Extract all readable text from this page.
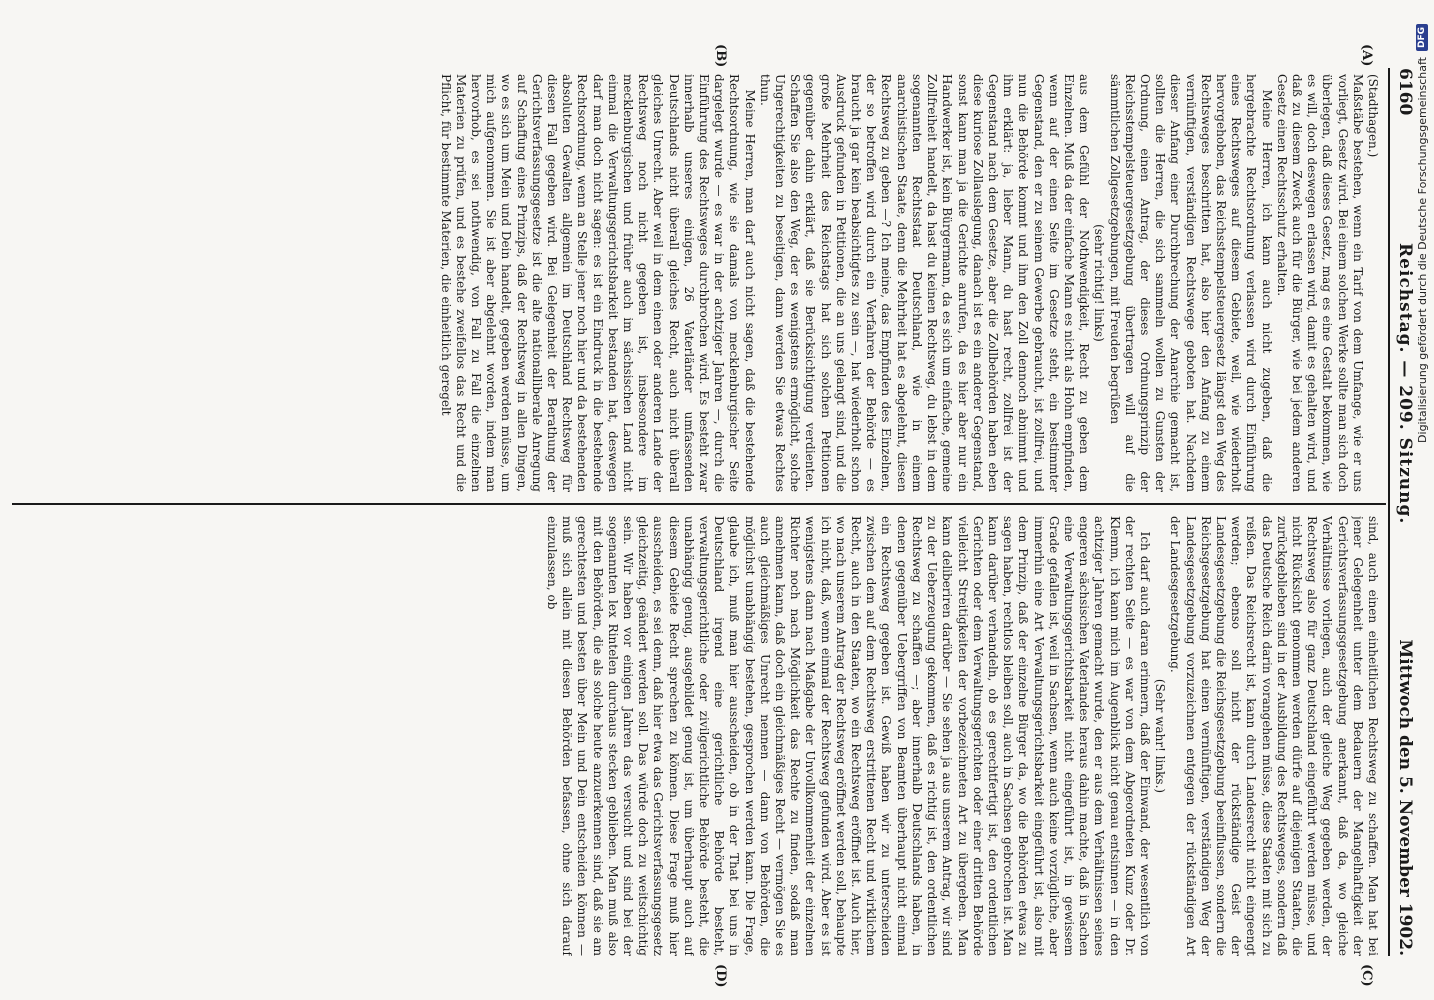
6160
Reichstag. — 209. Sitzung.
Mittwoch den 5. November 1902.
(A)
(B)
(C)
(D)

(Stadthagen.)

Maßstäbe bestehen, wenn ein Tarif von dem Umfange, wie er uns vorliegt, Gesetz wird. Bei einem solchen Werke sollte man sich doch überlegen, daß dieses Gesetz, mag es eine Gestalt bekommen, wie es will, doch deswegen erlassen wird, damit es gehalten wird, und daß zu diesem Zweck auch für die Bürger, wie bei jedem anderen Gesetz einen Rechtsschutz erhalten.

Meine Herren, ich kann auch nicht zugeben, daß die hergebrachte Rechtsordnung verlassen wird durch Einführung eines Rechtsweges auf diesem Gebiete, weil, wie wiederholt hervorgehoben, das Reichsstempelsteuergesetz längst den Weg des Rechtsweges beschritten hat, also hier den Anfang zu einem vernünftigen, verständigen Rechtswege geboten hat. Nachdem dieser Anfang einer Durchbrechung der Anarchie gemacht ist, sollten die Herren, die sich sammeln wollen zu Gunsten der Ordnung, einen Antrag, der dieses Ordnungsprinzip der Reichsstempelsteuergesetzgebung übertragen will auf die sämmtlichen Zollgesetzgebungen, mit Freuden begrüßen

(sehr richtig! links)

aus dem Gefühl der Nothwendigkeit, Recht zu geben dem Einzelnen. Muß da der einfache Mann es nicht als Hohn empfinden, wenn auf der einen Seite im Gesetze steht, ein bestimmter Gegenstand, den er zu seinem Gewerbe gebraucht, ist zollfrei, und nun die Behörde kommt und ihm den Zoll dennoch abnimmt und ihm erklärt: ja, lieber Mann, du hast recht, zollfrei ist der Gegenstand nach dem Gesetze, aber die Zollbehörden haben eben diese kuriose Zollauslegung, danach ist es ein anderer Gegenstand, sonst kann man ja die Gerichte anrufen, da es hier aber nur ein Handwerker ist, kein Bürgermann, da es sich um einfache, gemeine Zollfreiheit handelt, da hast du keinen Rechtsweg, du lebst in dem sogenannten Rechtsstaat Deutschland, wie in einem anarchistischen Staate, denn die Mehrheit hat es abgelehnt, diesen Rechtsweg zu geben —? Ich meine, das Empfinden des Einzelnen, der so betroffen wird durch ein Verfahren der Behörde — es braucht ja gar kein beabsichtigtes zu sein —, hat wiederholt schon Ausdruck gefunden in Petitionen, die an uns gelangt sind, und die große Mehrheit des Reichstags hat sich solchen Petitionen gegenüber dahin erklärt, daß sie Berücksichtigung verdienten. Schaffen Sie also den Weg, der es wenigstens ermöglicht, solche Ungerechtigkeiten zu beseitigen, dann werden Sie etwas Rechtes thun.

Meine Herren, man darf auch nicht sagen, daß die bestehende Rechtsordnung, wie sie damals von mecklenburgischer Seite dargelegt wurde — es war in der achtziger Jahren —, durch die Einführung des Rechtsweges durchbrochen wird. Es besteht zwar innerhalb unseres einigen, 26 Vaterländer umfassenden Deutschlands nicht überall gleiches Recht, auch nicht überall gleiches Unrecht. Aber weil in dem einen oder anderen Lande der Rechtsweg noch nicht gegeben ist, insbesondere im mecklenburgischen und früher auch im sächsischen Land nicht einmal die Verwaltungsgerichtsbarkeit bestanden hat, deswegen darf man doch nicht sagen: es ist ein Eindruck in die bestehende Rechtsordnung, wenn an Stelle jener noch hier und da bestehenden absoluten Gewalten allgemein im Deutschland Rechtsweg für diesen Fall gegeben wird. Bei Gelegenheit der Berathung der Gerichtsverfassungsgesetze ist die alte nationalliberale Anregung auf Schaffung eines Prinzips, daß der Rechtsweg in allen Dingen, wo es sich um Mein und Dein handelt, gegeben werden müsse, um mich aufgenommen. Sie ist aber abgelehnt worden, indem man hervorhob, es sei nothwendig, von Fall zu Fall die einzelnen Materien zu prüfen, und es bestehe zweifellos das Recht und die Pflicht, für bestimmte Materien, die einheitlich geregelt

sind, auch einen einheitlichen Rechtsweg zu schaffen. Man hat bei jener Gelegenheit unter dem Bedauern der Mangelhaftigkeit der Gerichtsverfassungsgesetzgebung anerkannt, daß da, wo gleiche Verhältnisse vorliegen, auch der gleiche Weg gegeben werden, der Rechtsweg also für ganz Deutschland eingeführt werden müsse, und nicht Rücksicht genommen werden dürfe auf diejenigen Staaten, die zurückgeblieben sind in der Ausbildung des Rechtsweges, sondern daß das Deutsche Reich darin vorangehen müsse, diese Staaten mit sich zu reißen. Das Reichsrecht ist, kann durch Landesrecht nicht eingeengt werden; ebenso soll nicht der rückständige Geist der Landesgesetzgebung die Reichsgesetzgebung beeinflussen, sondern die Reichsgesetzgebung hat einen vernünftigen, verständigen Weg der Landesgesetzgebung vorzuzeichnen entgegen der rückständigen Art der Landesgesetzgebung.

(Sehr wahr! links.)

Ich darf auch daran erinnern, daß der Einwand, der wesentlich von der rechten Seite — es war von dem Abgeordneten Kunz oder Dr. Klemm, ich kann mich im Augenblick nicht genau entsinnen — in den achtziger Jahren gemacht wurde, den er aus dem Verhältnissen seines engeren sächsischen Vaterlandes heraus dahin machte, daß in Sachen eine Verwaltungsgerichtsbarkeit nicht eingeführt ist, in gewissem Grade gefallen ist, weil in Sachsen, wenn auch keine vorzügliche, aber immerhin eine Art Verwaltungsgerichtsbarkeit eingeführt ist, also mit dem Prinzip, daß der einzelne Bürger da, wo die Behörden etwas zu sagen haben, rechtlos bleiben soll, auch in Sachsen gebrochen ist. Man kann darüber verhandeln, ob es gerechtfertigt ist, den ordentlichen Gerichten oder dem Verwaltungsgerichten oder einer dritten Behörde vielleicht Streitigkeiten der vorbezeichneten Art zu übergeben. Man kann deliberiren darüber — Sie sehen ja aus unserem Antrag, wir sind zu der Ueberzeugung gekommen, daß es richtig ist, den ordentlichen Rechtsweg zu schaffen —; aber innerhalb Deutschlands haben, in denen gegenüber Uebergriffen von Beamten überhaupt nicht einmal ein Rechtsweg gegeben ist. Gewiß haben wir zu unterscheiden zwischen dem auf dem Rechtsweg erstrittenen Recht und wirklichem Recht, auch in den Staaten, wo ein Rechtsweg eröffnet ist. Auch hier, wo nach unserem Antrag der Rechtsweg eröffnet werden soll, behaupte ich nicht, daß, wenn einmal der Rechtsweg gefunden wird. Aber es ist wenigstens dann nach Maßgabe der Unvollkommenheit der einzelnen Richter noch nach Möglichkeit das Rechte zu finden, sodaß man annehmen kann, daß doch ein gleichmäßiges Recht — vermögen Sie es auch gleichmäßiges Unrecht nennen — dann von Behörden, die möglichst unabhängig bestehen, gesprochen werden kann. Die Frage, glaube ich, muß man hier ausscheiden, ob in der That bei uns in Deutschland irgend eine gerichtliche Behörde besteht, verwaltungsgerichtliche oder zivilgerichtliche Behörde besteht, die unabhängig genug, ausgebildet genug ist, um überhaupt auch auf diesem Gebiete Recht sprechen zu können. Diese Frage muß hier ausscheiden, es sei denn, daß hier etwa das Gerichtsverfassungsgesetz gleichzeitig, geändert werden soll. Das würde doch zu weitschichtig sein. Wir haben vor einigen Jahren das versucht und sind bei der sogenannten lex Rintelen durchaus stecken geblieben. Man muß also mit den Behörden, die als solche heute anzuerkennen sind, daß sie am gerechtesten und besten über Mein und Dein entscheiden können — muß sich allein mit diesen Behörden befassen, ohne sich darauf einzulassen, ob

Digitalisierung gefördert durch die Deutsche Forschungsgemeinschaft
DFG
